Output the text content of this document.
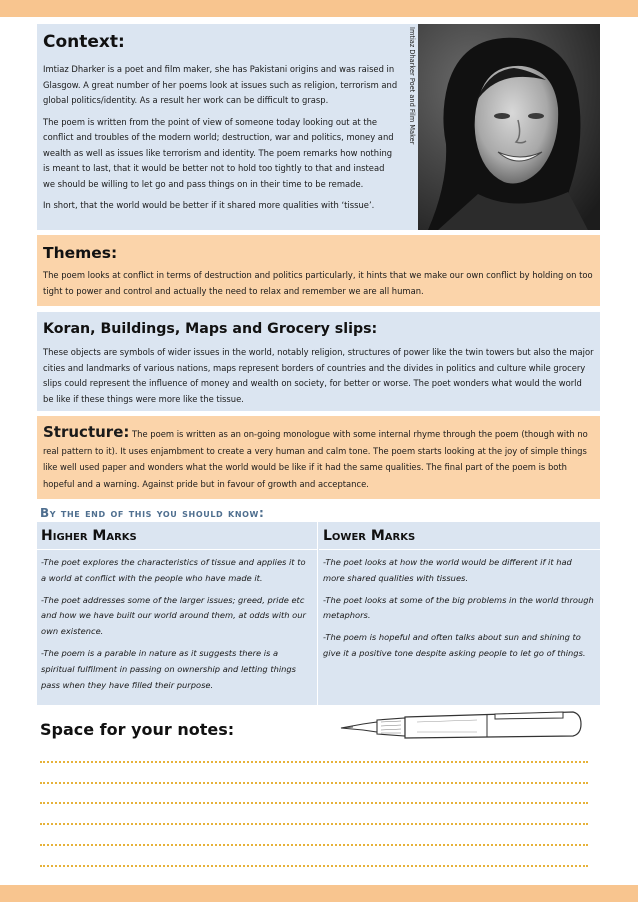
Context:

Imtiaz Dharker is a poet and film maker, she has Pakistani origins and was raised in Glasgow. A great number of her poems look at issues such as religion, terrorism and global politics/identity. As a result her work can be difficult to grasp.

The poem is written from the point of view of someone today looking out at the conflict and troubles of the modern world; destruction, war and politics, money and wealth as well as issues like terrorism and identity. The poem remarks how nothing is meant to last, that it would be better not to hold too tightly to that and instead we should be willing to let go and pass things on in their time to be remade.

In short, that the world would be better if it shared more qualities with ‘tissue’.

Imtiaz Dharker Poet and Film Maker
Themes:

The poem looks at conflict in terms of destruction and politics particularly, it hints that we make our own conflict by holding on too tight to power and control and actually the need to relax and remember we are all human.

Koran, Buildings, Maps and Grocery slips:

These objects are symbols of wider issues in the world, notably religion, structures of power like the twin towers but also the major cities and landmarks of various nations, maps represent borders of countries and the divides in politics and culture while grocery slips could represent the influence of money and wealth on society, for better or worse. The poet wonders what would the world be like if these things were more like the tissue.

Structure: The poem is written as an on-going monologue with some internal rhyme through the poem (though with no real pattern to it). It uses enjambment to create a very human and calm tone. The poem starts looking at the joy of simple things like well used paper and wonders what the world would be like if it had the same qualities. The final part of the poem is both hopeful and a warning. Against pride but in favour of growth and acceptance.

By the end of this you should know:
Higher Marks

-The poet explores the characteristics of tissue and applies it to a world at conflict with the people who have made it.

-The poet addresses some of the larger issues; greed, pride etc and how we have built our world around them, at odds with our own existence.

-The poem is a parable in nature as it suggests there is a spiritual fulfilment in passing on ownership and letting things pass when they have filled their purpose.

Lower Marks

-The poet looks at how the world would be different if it had more shared qualities with tissues.

-The poet looks at some of the big problems in the world through metaphors.

-The poem is hopeful and often talks about sun and shining to give it a positive tone despite asking people to let go of things.

Space for your notes:
